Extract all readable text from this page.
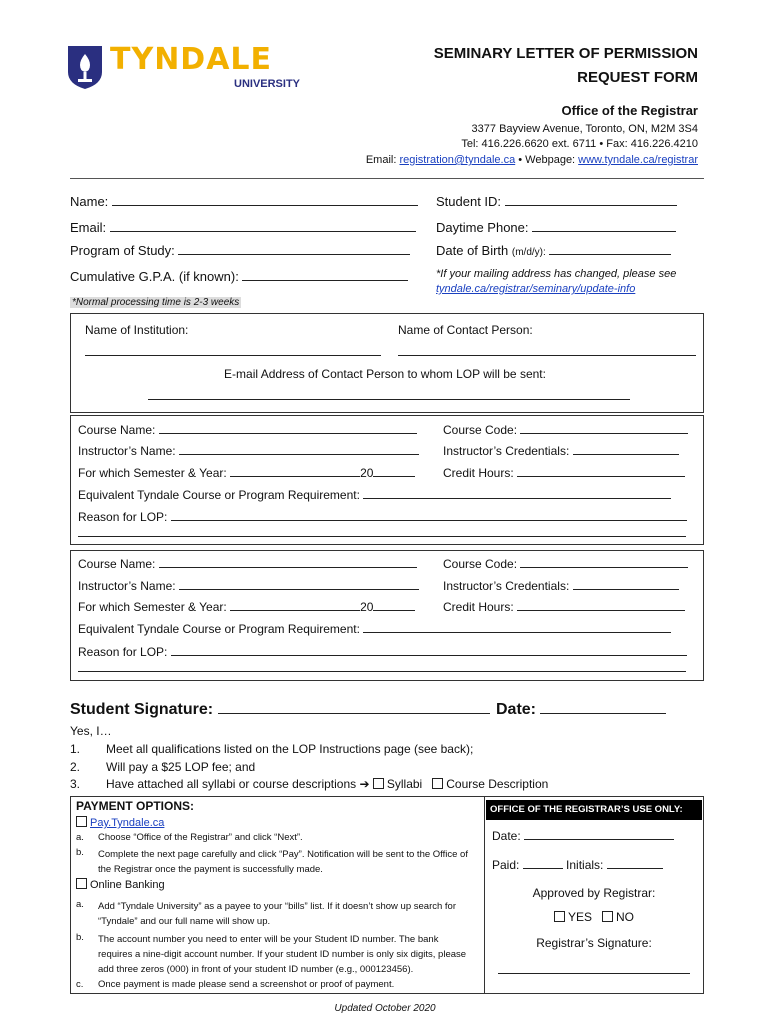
TYNDALE
UNIVERSITY
SEMINARY LETTER OF PERMISSION
REQUEST FORM
Office of the Registrar
3377 Bayview Avenue, Toronto, ON, M2M 3S4
Tel: 416.226.6620 ext. 6711 • Fax: 416.226.4210
Email: registration@tyndale.ca • Webpage: www.tyndale.ca/registrar
Name:	Student ID:
Email:	Daytime Phone:
Program of Study:	Date of Birth (m/d/y):
Cumulative G.P.A. (if known):	*If your mailing address has changed, please see
tyndale.ca/registrar/seminary/update-info
*Normal processing time is 2-3 weeks
Name of Institution:	Name of Contact Person:
E-mail Address of Contact Person to whom LOP will be sent:
Course Name:	Course Code:
Instructor’s Name:	Instructor’s Credentials:
For which Semester & Year:	20	Credit Hours:
Equivalent Tyndale Course or Program Requirement:
Reason for LOP:
Course Name:	Course Code:
Instructor’s Name:	Instructor’s Credentials:
For which Semester & Year:	20	Credit Hours:
Equivalent Tyndale Course or Program Requirement:
Reason for LOP:
Student Signature:	Date:
Yes, I…
1. Meet all qualifications listed on the LOP Instructions page (see back);
2. Will pay a $25 LOP fee; and
3. Have attached all syllabi or course descriptions ➔ Syllabi Course Description
PAYMENT OPTIONS:
Pay.Tyndale.ca
a. Choose “Office of the Registrar” and click “Next”.
b. Complete the next page carefully and click “Pay”. Notification will be sent to the Office of the Registrar once the payment is successfully made.
Online Banking
a. Add “Tyndale University” as a payee to your “bills” list. If it doesn’t show up search for “Tyndale” and our full name will show up.
b. The account number you need to enter will be your Student ID number. The bank requires a nine-digit account number. If your student ID number is only six digits, please add three zeros (000) in front of your student ID number (e.g., 000123456).
c. Once payment is made please send a screenshot or proof of payment.
OFFICE OF THE REGISTRAR’S USE ONLY:
Date:
Paid:	Initials:
Approved by Registrar:
YES NO
Registrar’s Signature:
Updated October 2020
